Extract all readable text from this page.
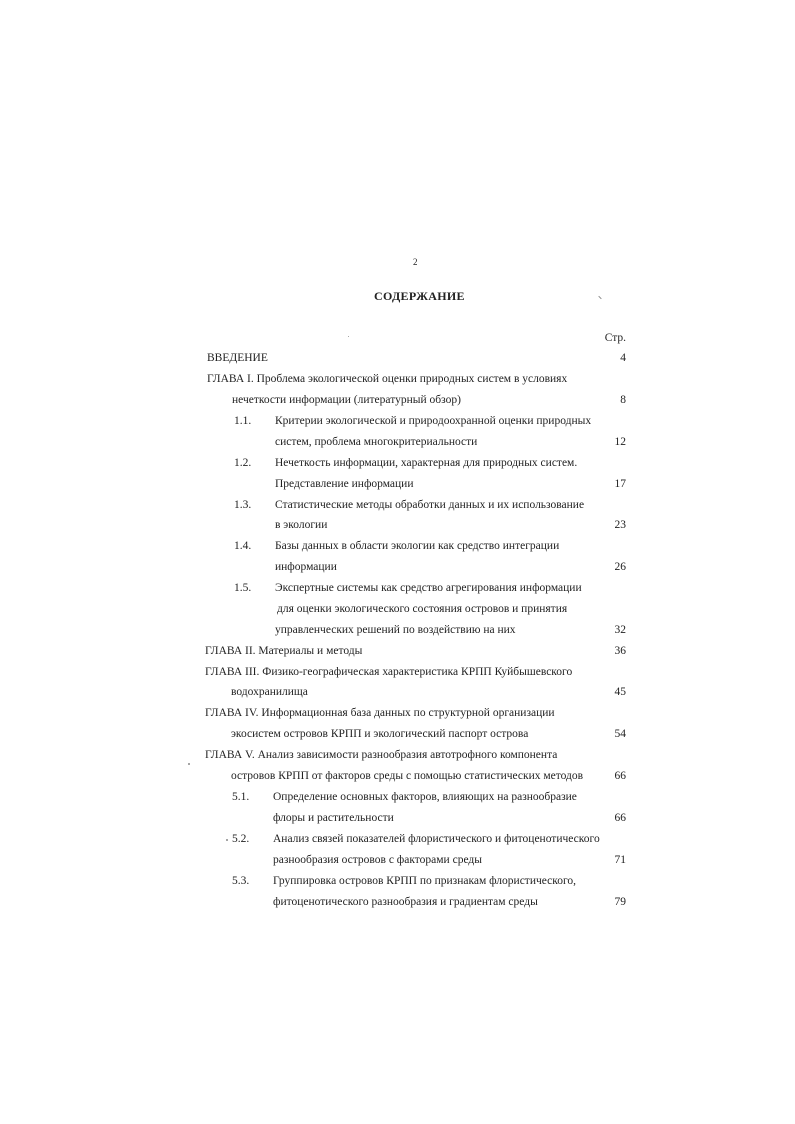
2
СОДЕРЖАНИЕ
Стр.
ВВЕДЕНИЕ	4
ГЛАВА I. Проблема экологической оценки природных систем в условиях
нечеткости информации (литературный обзор)	8
1.1. Критерии экологической и природоохранной оценки природных
систем, проблема многокритериальности	12
1.2. Нечеткость информации, характерная для природных систем.
Представление информации	17
1.3. Статистические методы обработки данных и их использование
в экологии	23
1.4. Базы данных в области экологии как средство интеграции
информации	26
1.5. Экспертные системы как средство агрегирования информации
для оценки экологического состояния островов и принятия
управленческих решений по воздействию на них	32
ГЛАВА II. Материалы и методы	36
ГЛАВА III. Физико-географическая характеристика КРПП Куйбышевского
водохранилища	45
ГЛАВА IV. Информационная база данных по структурной организации
экосистем островов КРПП и экологический паспорт острова	54
ГЛАВА V. Анализ зависимости разнообразия автотрофного компонента
островов КРПП от факторов среды с помощью статистических методов	66
5.1. Определение основных факторов, влияющих на разнообразие
флоры и растительности	66
5.2. Анализ связей показателей флористического и фитоценотического
разнообразия островов с факторами среды	71
5.3. Группировка островов КРПП по признакам флористического,
фитоценотического разнообразия и градиентам среды	79
